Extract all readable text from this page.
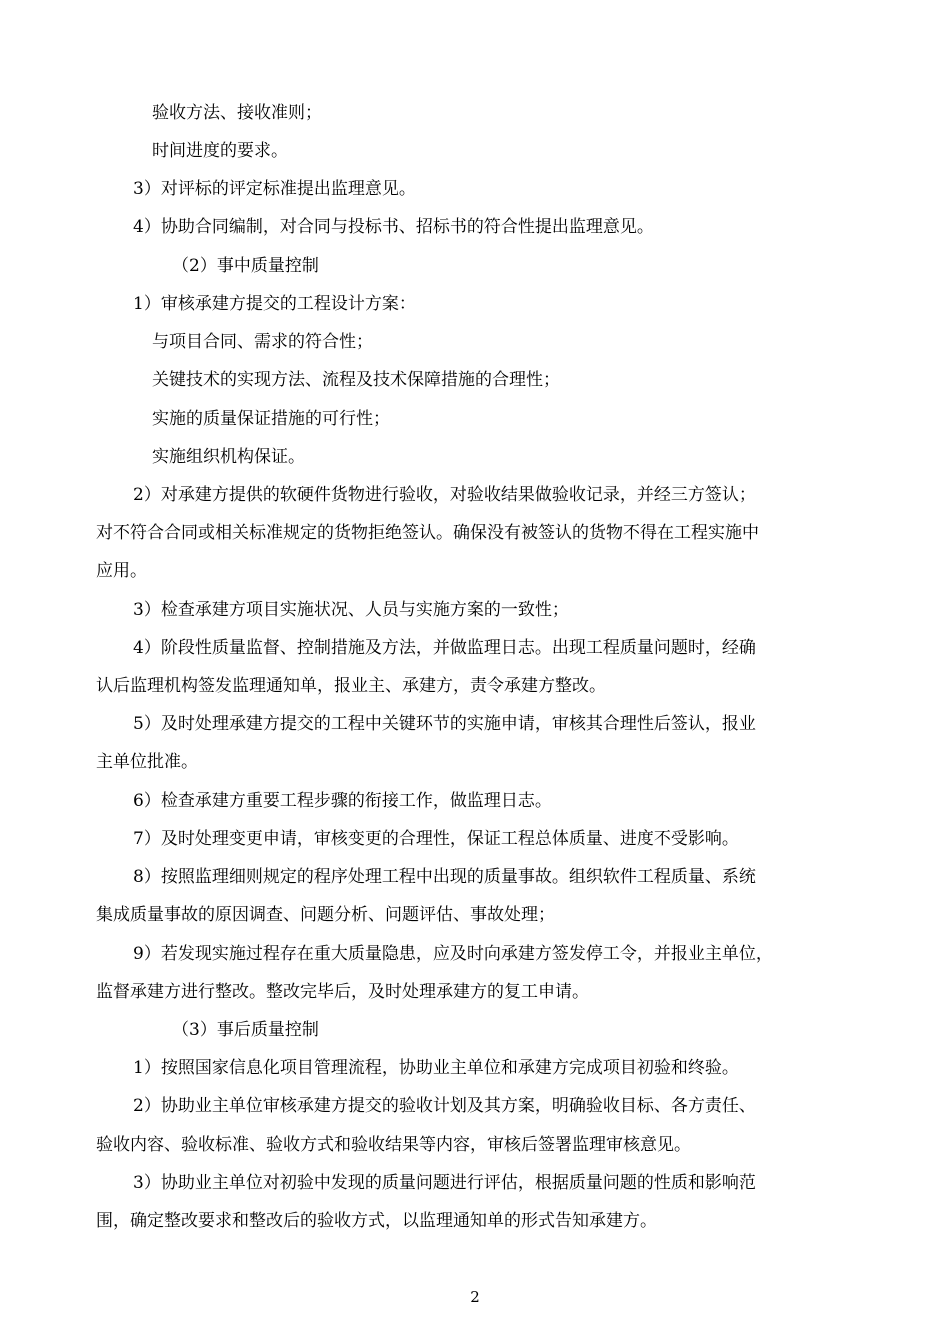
验收方法、接收准则；
时间进度的要求。
3）对评标的评定标准提出监理意见。
4）协助合同编制，对合同与投标书、招标书的符合性提出监理意见。
（2）事中质量控制
1）审核承建方提交的工程设计方案：
与项目合同、需求的符合性；
关键技术的实现方法、流程及技术保障措施的合理性；
实施的质量保证措施的可行性；
实施组织机构保证。
2）对承建方提供的软硬件货物进行验收，对验收结果做验收记录，并经三方签认；
对不符合合同或相关标准规定的货物拒绝签认。确保没有被签认的货物不得在工程实施中
应用。
3）检查承建方项目实施状况、人员与实施方案的一致性；
4）阶段性质量监督、控制措施及方法，并做监理日志。出现工程质量问题时，经确
认后监理机构签发监理通知单，报业主、承建方，责令承建方整改。
5）及时处理承建方提交的工程中关键环节的实施申请，审核其合理性后签认，报业
主单位批准。
6）检查承建方重要工程步骤的衔接工作，做监理日志。
7）及时处理变更申请，审核变更的合理性，保证工程总体质量、进度不受影响。
8）按照监理细则规定的程序处理工程中出现的质量事故。组织软件工程质量、系统
集成质量事故的原因调查、问题分析、问题评估、事故处理；
9）若发现实施过程存在重大质量隐患，应及时向承建方签发停工令，并报业主单位，
监督承建方进行整改。整改完毕后，及时处理承建方的复工申请。
（3）事后质量控制
1）按照国家信息化项目管理流程，协助业主单位和承建方完成项目初验和终验。
2）协助业主单位审核承建方提交的验收计划及其方案，明确验收目标、各方责任、
验收内容、验收标准、验收方式和验收结果等内容，审核后签署监理审核意见。
3）协助业主单位对初验中发现的质量问题进行评估，根据质量问题的性质和影响范
围，确定整改要求和整改后的验收方式，以监理通知单的形式告知承建方。
2
